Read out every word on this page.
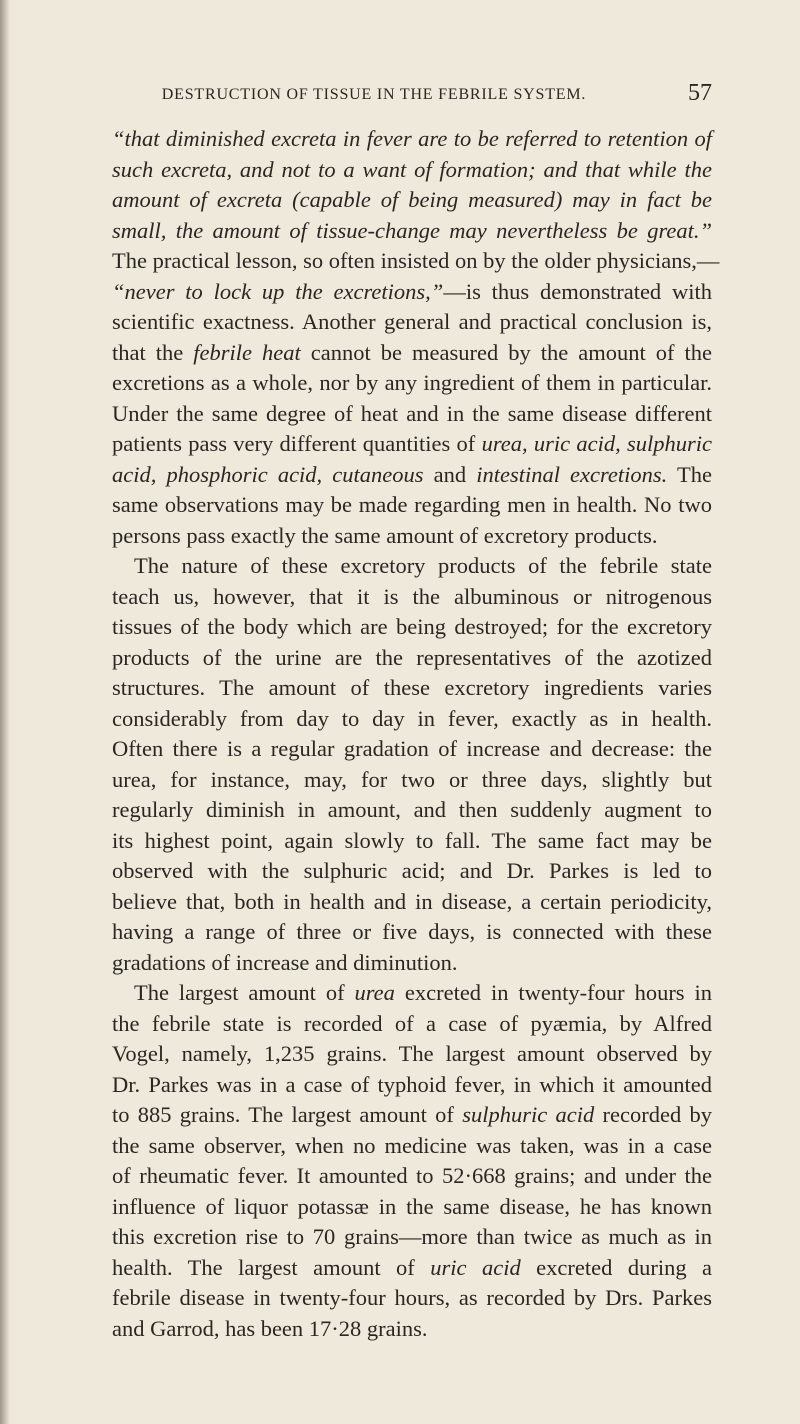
DESTRUCTION OF TISSUE IN THE FEBRILE SYSTEM.	57
“that diminished excreta in fever are to be referred to retention of
such excreta, and not to a want of formation; and that while the
amount of excreta (capable of being measured) may in fact be
small, the amount of tissue-change may nevertheless be great.”
The practical lesson, so often insisted on by the older physicians,—
“never to lock up the excretions,”—is thus demonstrated with
scientific exactness. Another general and practical conclusion is,
that the febrile heat cannot be measured by the amount of the
excretions as a whole, nor by any ingredient of them in particular.
Under the same degree of heat and in the same disease different
patients pass very different quantities of urea, uric acid, sulphuric
acid, phosphoric acid, cutaneous and intestinal excretions. The
same observations may be made regarding men in health. No two
persons pass exactly the same amount of excretory products.
The nature of these excretory products of the febrile state
teach us, however, that it is the albuminous or nitrogenous
tissues of the body which are being destroyed; for the excretory
products of the urine are the representatives of the azotized
structures. The amount of these excretory ingredients varies
considerably from day to day in fever, exactly as in health.
Often there is a regular gradation of increase and decrease: the
urea, for instance, may, for two or three days, slightly but
regularly diminish in amount, and then suddenly augment to
its highest point, again slowly to fall. The same fact may be
observed with the sulphuric acid; and Dr. Parkes is led to
believe that, both in health and in disease, a certain periodicity,
having a range of three or five days, is connected with these
gradations of increase and diminution.
The largest amount of urea excreted in twenty-four hours in
the febrile state is recorded of a case of pyæmia, by Alfred
Vogel, namely, 1,235 grains. The largest amount observed by
Dr. Parkes was in a case of typhoid fever, in which it amounted
to 885 grains. The largest amount of sulphuric acid recorded by
the same observer, when no medicine was taken, was in a case
of rheumatic fever. It amounted to 52·668 grains; and under the
influence of liquor potassæ in the same disease, he has known
this excretion rise to 70 grains—more than twice as much as in
health. The largest amount of uric acid excreted during a
febrile disease in twenty-four hours, as recorded by Drs. Parkes
and Garrod, has been 17·28 grains.
